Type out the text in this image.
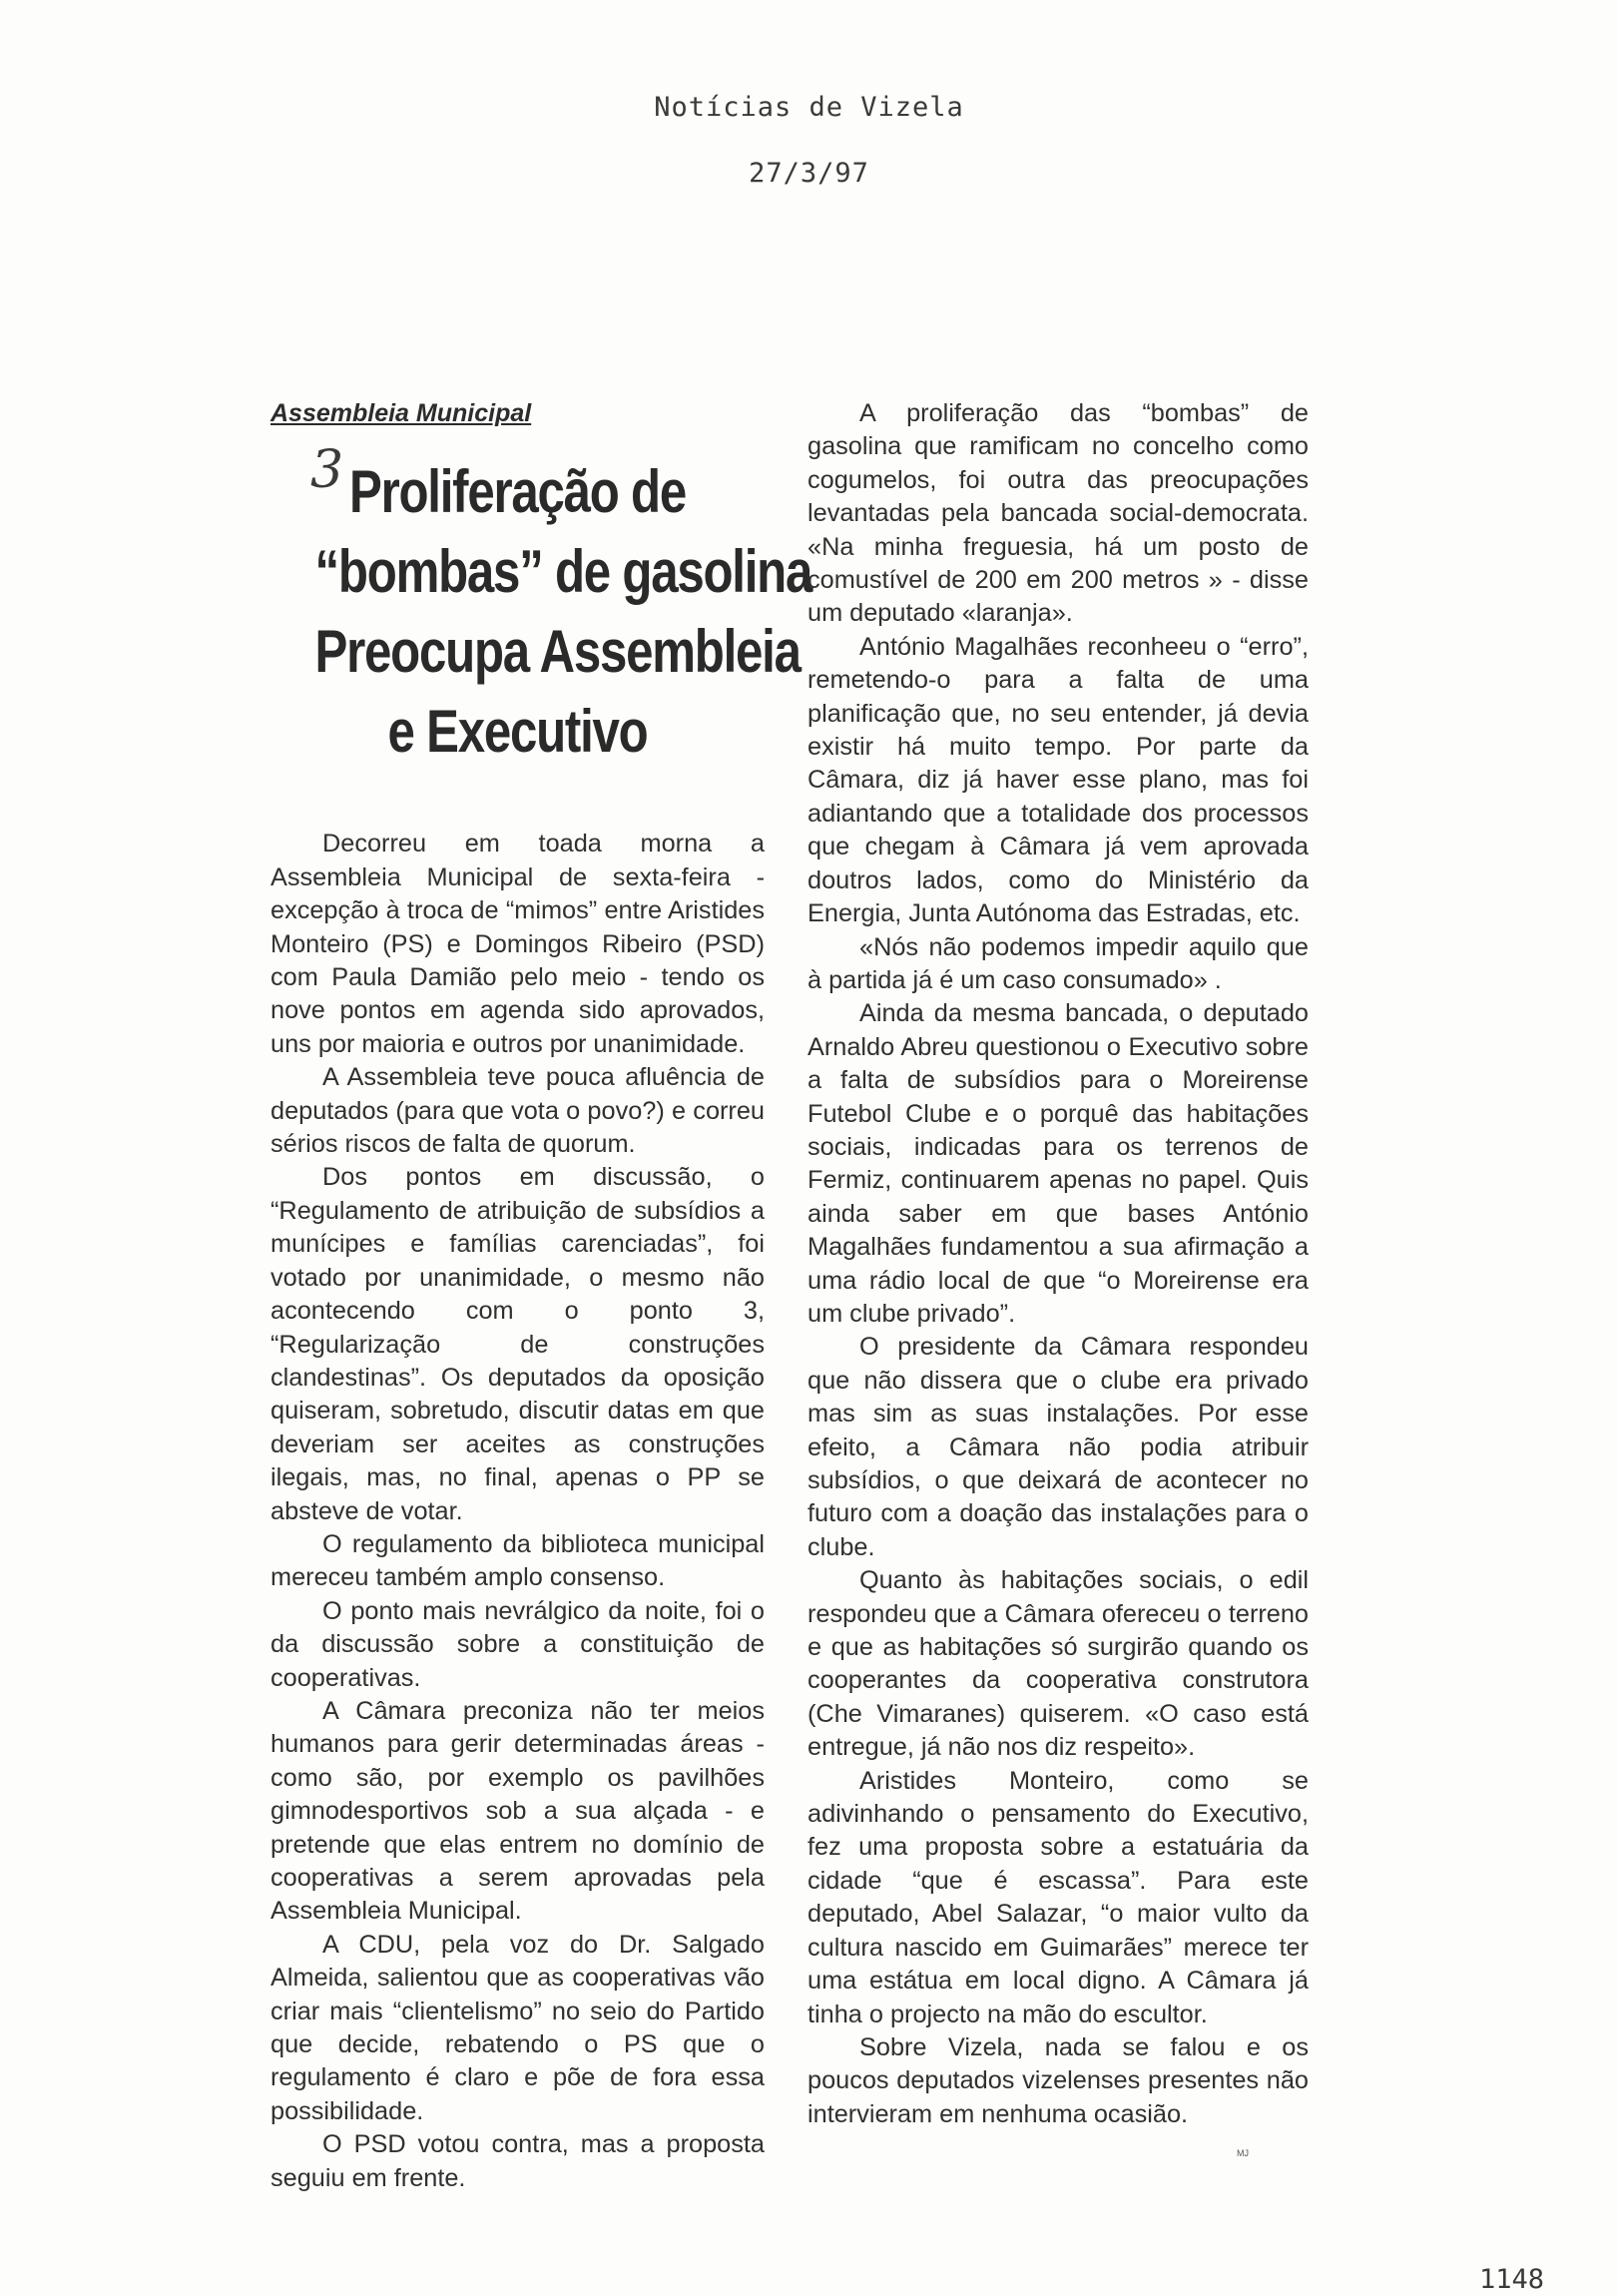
Notícias de Vizela
27/3/97
Assembleia Municipal
3 Proliferação de
“bombas” de gasolina
Preocupa Assembleia
e Executivo

Decorreu em toada morna a Assembleia Municipal de sexta-feira - excepção à troca de “mimos” entre Aristides Monteiro (PS) e Domingos Ribeiro (PSD) com Paula Damião pelo meio - tendo os nove pontos em agenda sido aprovados, uns por maioria e outros por unanimidade.

A Assembleia teve pouca afluência de deputados (para que vota o povo?) e correu sérios riscos de falta de quorum.

Dos pontos em discussão, o “Regulamento de atribuição de subsídios a munícipes e famílias carenciadas”, foi votado por unanimidade, o mesmo não acontecendo com o ponto 3, “Regularização de construções clandestinas”. Os deputados da oposição quiseram, sobretudo, discutir datas em que deveriam ser aceites as construções ilegais, mas, no final, apenas o PP se absteve de votar.

O regulamento da biblioteca municipal mereceu também amplo consenso.

O ponto mais nevrálgico da noite, foi o da discussão sobre a constituição de cooperativas.

A Câmara preconiza não ter meios humanos para gerir determinadas áreas - como são, por exemplo os pavilhões gimnodesportivos sob a sua alçada - e pretende que elas entrem no domínio de cooperativas a serem aprovadas pela Assembleia Municipal.

A CDU, pela voz do Dr. Salgado Almeida, salientou que as cooperativas vão criar mais “clientelismo” no seio do Partido que decide, rebatendo o PS que o regulamento é claro e põe de fora essa possibilidade.

O PSD votou contra, mas a proposta seguiu em frente.

A proliferação das “bombas” de gasolina que ramificam no concelho como cogumelos, foi outra das preocupações levantadas pela bancada social-democrata. «Na minha freguesia, há um posto de comustível de 200 em 200 metros » - disse um deputado «laranja».

António Magalhães reconheeu o “erro”, remetendo-o para a falta de uma planificação que, no seu entender, já devia existir há muito tempo. Por parte da Câmara, diz já haver esse plano, mas foi adiantando que a totalidade dos processos que chegam à Câmara já vem aprovada doutros lados, como do Ministério da Energia, Junta Autónoma das Estradas, etc.

«Nós não podemos impedir aquilo que à partida já é um caso consumado» .

Ainda da mesma bancada, o deputado Arnaldo Abreu questionou o Executivo sobre a falta de subsídios para o Moreirense Futebol Clube e o porquê das habitações sociais, indicadas para os terrenos de Fermiz, continuarem apenas no papel. Quis ainda saber em que bases António Magalhães fundamentou a sua afirmação a uma rádio local de que “o Moreirense era um clube privado”.

O presidente da Câmara respondeu que não dissera que o clube era privado mas sim as suas instalações. Por esse efeito, a Câmara não podia atribuir subsídios, o que deixará de acontecer no futuro com a doação das instalações para o clube.

Quanto às habitações sociais, o edil respondeu que a Câmara ofereceu o terreno e que as habitações só surgirão quando os cooperantes da cooperativa construtora (Che Vimaranes) quiserem. «O caso está entregue, já não nos diz respeito».

Aristides Monteiro, como se adivinhando o pensamento do Executivo, fez uma proposta sobre a estatuária da cidade “que é escassa”. Para este deputado, Abel Salazar, “o maior vulto da cultura nascido em Guimarães” merece ter uma estátua em local digno. A Câmara já tinha o projecto na mão do escultor.

Sobre Vizela, nada se falou e os poucos deputados vizelenses presentes não intervieram em nenhuma ocasião.

MJ
1148
